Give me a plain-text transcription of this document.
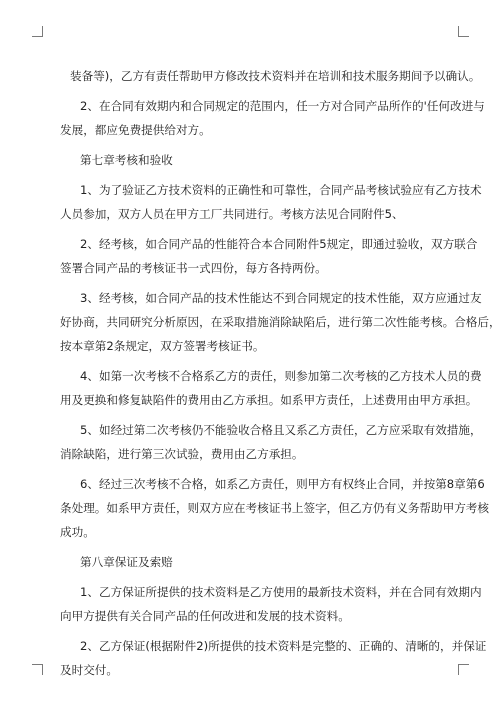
装备等)，乙方有责任帮助甲方修改技术资料并在培训和技术服务期间予以确认。
2、在合同有效期内和合同规定的范围内，任一方对合同产品所作的'任何改进与
发展，都应免费提供给对方。
第七章考核和验收
1、为了验证乙方技术资料的正确性和可靠性，合同产品考核试验应有乙方技术
人员参加，双方人员在甲方工厂共同进行。考核方法见合同附件5、
2、经考核，如合同产品的性能符合本合同附件5规定，即通过验收，双方联合
签署合同产品的考核证书一式四份，每方各持两份。
3、经考核，如合同产品的技术性能达不到合同规定的技术性能，双方应通过友
好协商，共同研究分析原因，在采取措施消除缺陷后，进行第二次性能考核。合格后，
按本章第2条规定，双方签署考核证书。
4、如第一次考核不合格系乙方的责任，则参加第二次考核的乙方技术人员的费
用及更换和修复缺陷件的费用由乙方承担。如系甲方责任，上述费用由甲方承担。
5、如经过第二次考核仍不能验收合格且又系乙方责任，乙方应采取有效措施，
消除缺陷，进行第三次试验，费用由乙方承担。
6、经过三次考核不合格，如系乙方责任，则甲方有权终止合同，并按第8章第6
条处理。如系甲方责任，则双方应在考核证书上签字，但乙方仍有义务帮助甲方考核
成功。
第八章保证及索赔
1、乙方保证所提供的技术资料是乙方使用的最新技术资料，并在合同有效期内
向甲方提供有关合同产品的任何改进和发展的技术资料。
2、乙方保证(根据附件2)所提供的技术资料是完整的、正确的、清晰的，并保证
及时交付。
